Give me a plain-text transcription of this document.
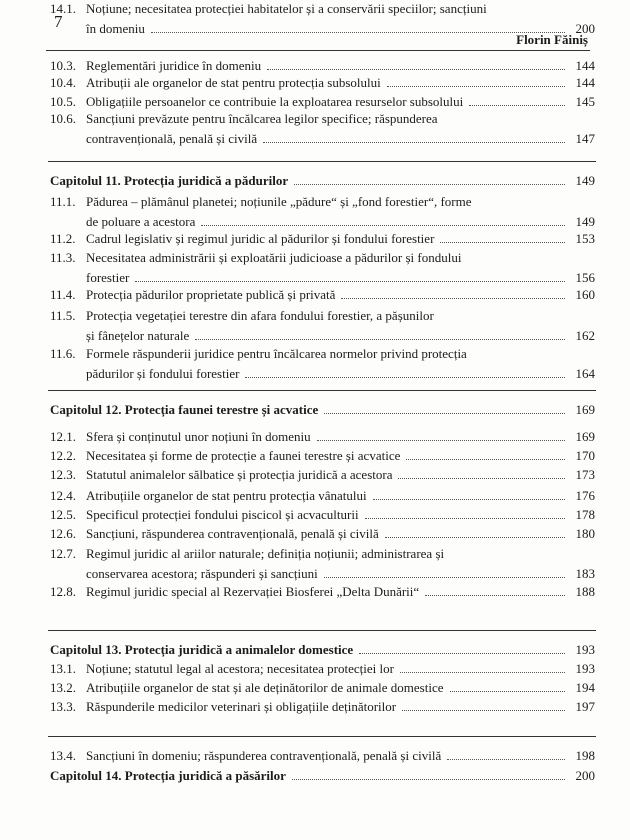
7
Florin Făiniș
10.3. Reglementări juridice în domeniu	144
10.4. Atribuții ale organelor de stat pentru protecția subsolului	144
10.5. Obligațiile persoanelor ce contribuie la exploatarea resurselor subsolului	145
10.6. Sancțiuni prevăzute pentru încălcarea legilor specifice; răspunderea
contravențională, penală și civilă	147
Capitolul 11. Protecția juridică a pădurilor	149
11.1. Pădurea – plămânul planetei; noțiunile „pădure“ și „fond forestier“, forme
de poluare a acestora	149
11.2. Cadrul legislativ și regimul juridic al pădurilor și fondului forestier	153
11.3. Necesitatea administrării și exploatării judicioase a pădurilor și fondului
forestier	156
11.4. Protecția pădurilor proprietate publică și privată	160
11.5. Protecția vegetației terestre din afara fondului forestier, a pășunilor
și fânețelor naturale	162
11.6. Formele răspunderii juridice pentru încălcarea normelor privind protecția
pădurilor și fondului forestier	164
Capitolul 12. Protecția faunei terestre și acvatice	169
12.1. Sfera și conținutul unor noțiuni în domeniu	169
12.2. Necesitatea și forme de protecție a faunei terestre și acvatice	170
12.3. Statutul animalelor sălbatice și protecția juridică a acestora	173
12.4. Atribuțiile organelor de stat pentru protecția vânatului	176
12.5. Specificul protecției fondului piscicol și acvaculturii	178
12.6. Sancțiuni, răspunderea contravențională, penală și civilă	180
12.7. Regimul juridic al ariilor naturale; definiția noțiunii; administrarea și
conservarea acestora; răspunderi și sancțiuni	183
12.8. Regimul juridic special al Rezervației Biosferei „Delta Dunării“	188
Capitolul 13. Protecția juridică a animalelor domestice	193
13.1. Noțiune; statutul legal al acestora; necesitatea protecției lor	193
13.2. Atribuțiile organelor de stat și ale deținătorilor de animale domestice	194
13.3. Răspunderile medicilor veterinari și obligațiile deținătorilor	197
13.4. Sancțiuni în domeniu; răspunderea contravențională, penală și civilă	198
Capitolul 14. Protecția juridică a păsărilor	200
14.1. Noțiune; necesitatea protecției habitatelor și a conservării speciilor; sancțiuni
în domeniu	200
